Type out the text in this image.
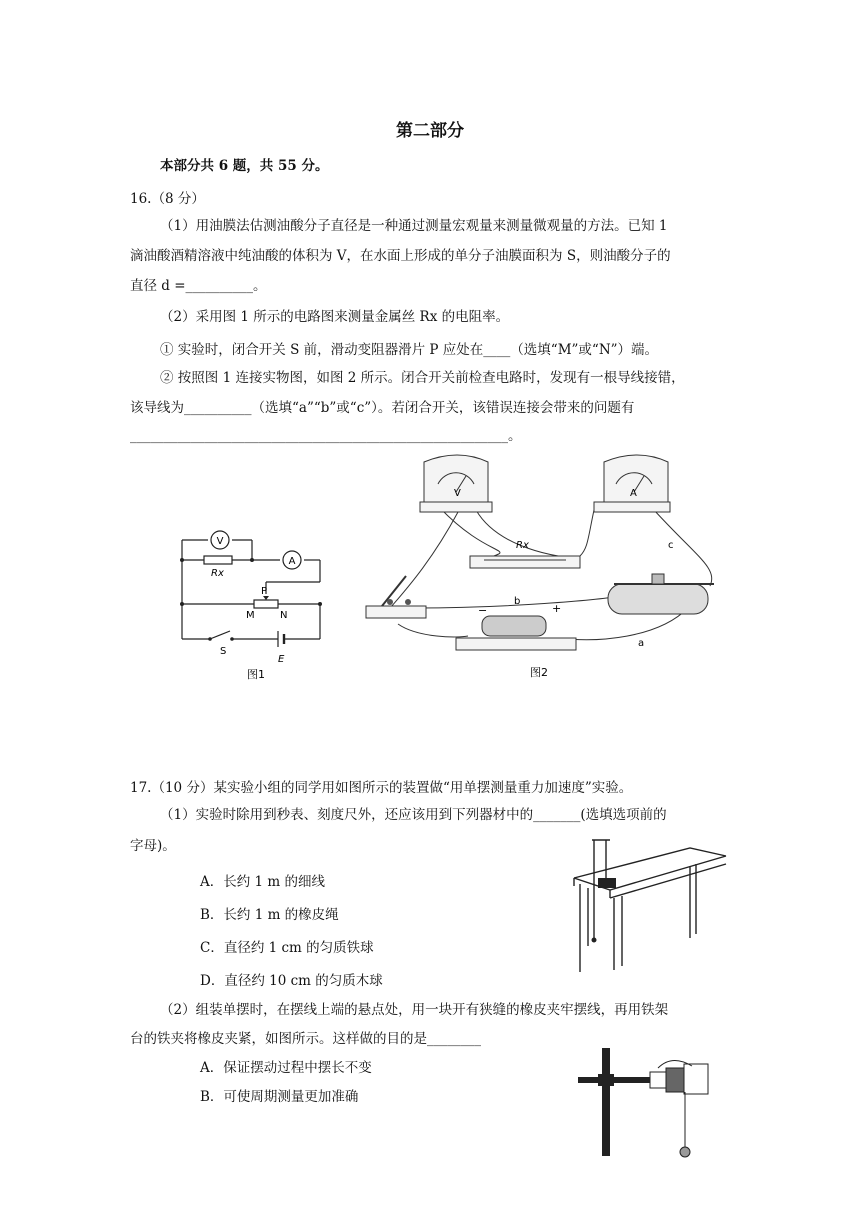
第二部分
本部分共 6 题，共 55 分。
16.（8 分）
（1）用油膜法估测油酸分子直径是一种通过测量宏观量来测量微观量的方法。已知 1
滴油酸酒精溶液中纯油酸的体积为 V，在水面上形成的单分子油膜面积为 S，则油酸分子的
直径 d =__________。
（2）采用图 1 所示的电路图来测量金属丝 Rx 的电阻率。
① 实验时，闭合开关 S 前，滑动变阻器滑片 P 应处在____（选填“M”或“N”）端。
② 按照图 1 连接实物图，如图 2 所示。闭合开关前检查电路时，发现有一根导线接错，
该导线为__________（选填“a”“b”或“c”）。若闭合开关，该错误连接会带来的问题有
________________________________________________________。
V
A
Rx
P
M	N
S
E
图1
V	A
Rx
−	+
b
c
a
图2
17.（10 分）某实验小组的同学用如图所示的装置做“用单摆测量重力加速度”实验。
（1）实验时除用到秒表、刻度尺外，还应该用到下列器材中的_______(选填选项前的
字母)。
A．长约 1 m 的细线
B．长约 1 m 的橡皮绳
C．直径约 1 cm 的匀质铁球
D．直径约 10 cm 的匀质木球
（2）组装单摆时，在摆线上端的悬点处，用一块开有狭缝的橡皮夹牢摆线，再用铁架
台的铁夹将橡皮夹紧，如图所示。这样做的目的是________
A．保证摆动过程中摆长不变
B．可使周期测量更加准确
